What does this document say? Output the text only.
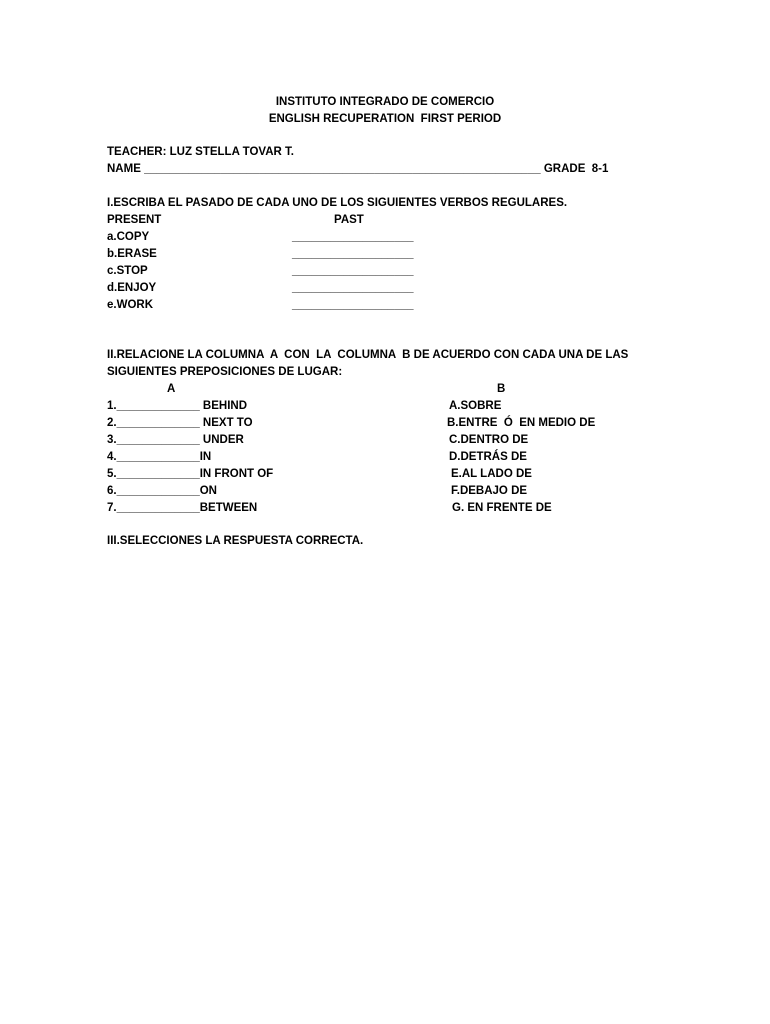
INSTITUTO INTEGRADO DE COMERCIO
ENGLISH RECUPERATION  FIRST PERIOD
TEACHER: LUZ STELLA TOVAR T.
NAME ______________________________________________________________ GRADE  8-1
I.ESCRIBA EL PASADO DE CADA UNO DE LOS SIGUIENTES VERBOS REGULARES.
PRESENT	PAST
a.COPY	___________________
b.ERASE	___________________
c.STOP	___________________
d.ENJOY	___________________
e.WORK	___________________
II.RELACIONE LA COLUMNA  A  CON  LA  COLUMNA  B DE ACUERDO CON CADA UNA DE LAS
SIGUIENTES PREPOSICIONES DE LUGAR:
A	B
1._____________ BEHIND	A.SOBRE
2._____________ NEXT TO	B.ENTRE  Ó  EN MEDIO DE
3._____________ UNDER	C.DENTRO DE
4._____________IN	D.DETRÁS DE
5._____________IN FRONT OF	E.AL LADO DE
6._____________ON	F.DEBAJO DE
7._____________BETWEEN	G. EN FRENTE DE
III.SELECCIONES LA RESPUESTA CORRECTA.
